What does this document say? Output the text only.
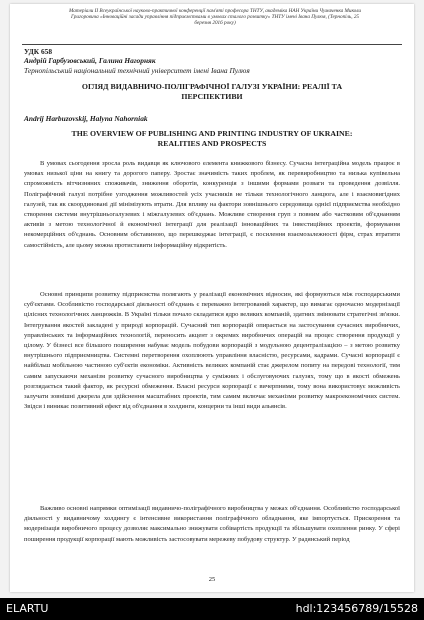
Матеріали ІІ Всеукраїнської науково-практичної конференції пам'яті професора ТНТУ, академіка НАН України Чумаченка Миколи Григоровича «Інноваційні засади управління підприємствами в умовах сталого розвитку» ТНТУ імені Івана Пулюя, (Тернопіль, 25 березня 2016 року)
УДК 658
Андрій Гарбузовський, Галина Нагорняк
Тернопільський національний технічний університет імені Івана Пулюя
ОГЛЯД ВИДАВНИЧО-ПОЛІГРАФІЧНОЇ ГАЛУЗІ УКРАЇНИ: РЕАЛІЇ ТА ПЕРСПЕКТИВИ
Andrij Harbuzovskij, Halyna Nahorniak
THE OVERVIEW OF PUBLISHING AND PRINTING INDUSTRY OF UKRAINE: REALITIES AND PROSPECTS

В умовах сьогодення зросла роль видавця як ключового елемента книжкового бізнесу. Сучасна інтеграційна модель працює в умовах низької ціни на книгу та дорогого паперу. Зростає значимість таких проблем, як перевиробництво та низька купівельна спроможність вітчизняних споживачів, зниження оборотів, конкуренція з іншими формами розваги та проведення дозвілля. Поліграфічний галузі потрібне узгодження можливостей усіх учасників не тільки технологічного ланцюга, але і взаємовигідних галузей, так як скоординовані дії мінімізують втрати. Для впливу на фактори зовнішнього середовища однієї підприємства необхідно створення системи внутрішньогалузевих і міжгалузевих об'єднань. Можливе створення груп з повним або частковим об'єднанням активів з метою технологічної й економічної інтеграції для реалізації інноваційних та інвестиційних проектів, формування некомерційних об'єднань. Основним обставиною, що перешкоджає інтеграції, є посилення взаємозалежності фірм, страх втратити самостійність, але цьому можна протиставити інформаційну відкритість.

Основні принципи розвитку підприємства полягають у реалізації економічних відносин, які формуються між господарськими суб'єктами. Особливістю господарської діяльності об'єднань є переважно інтегрований характер, що вимагає одночасно модернізації цілісних технологічних ланцюжків. В Україні тільки почало складатися ядро великих компаній, здатних змінювати стратегічні зв'язки. Інтегрування якостей закладені у природі корпорацій. Сучасний тип корпорацій опирається на застосування сучасних виробничих, управлінських та інформаційних технологій, переносить акцент з окремих виробничих операцій на процес створення продукції у цілому. У бізнесі все більшого поширення набуває модель побудови корпорацій з модульною децентралізацією – з метою розвитку внутрішнього підприємництва. Системні перетворення охоплюють управління власністю, ресурсами, кадрами. Сучасні корпорації є найбільш мобільною частиною суб'єктів економіки. Активність великих компаній стає джерелом попиту на передові технології, тим самим запускаючи механізм розвитку сучасного виробництва у суміжних і обслуговуючих галузях, тому що в якості обмежень розглядається такий фактор, як ресурсні обмеження. Власні ресурси корпорації є вичерпними, тому вона використовує можливість залучати зовнішні джерела для здійснення масштабних проектів, тим самим включає механізми розвитку макроекономічних систем. Звідси і виникає позитивний ефект від об'єднання в холдинги, концерни та інші види альянсів.

Важливо основні напрямки оптимізації видавничо-поліграфічного виробництва у межах об'єднання. Особливістю господарської діяльності у видавничому холдингу є інтенсивне використання поліграфічного обладнання, яке імпортується. Прискорення та модернізація виробничого процесу дозволяє максимально знижувати собівартість продукції та збільшувати охоплення ринку. У сфері поширення продукції корпорації мають можливість застосовувати мережеву побудову структур. У радянський період

25
ELARTU	hdl:123456789/15528
